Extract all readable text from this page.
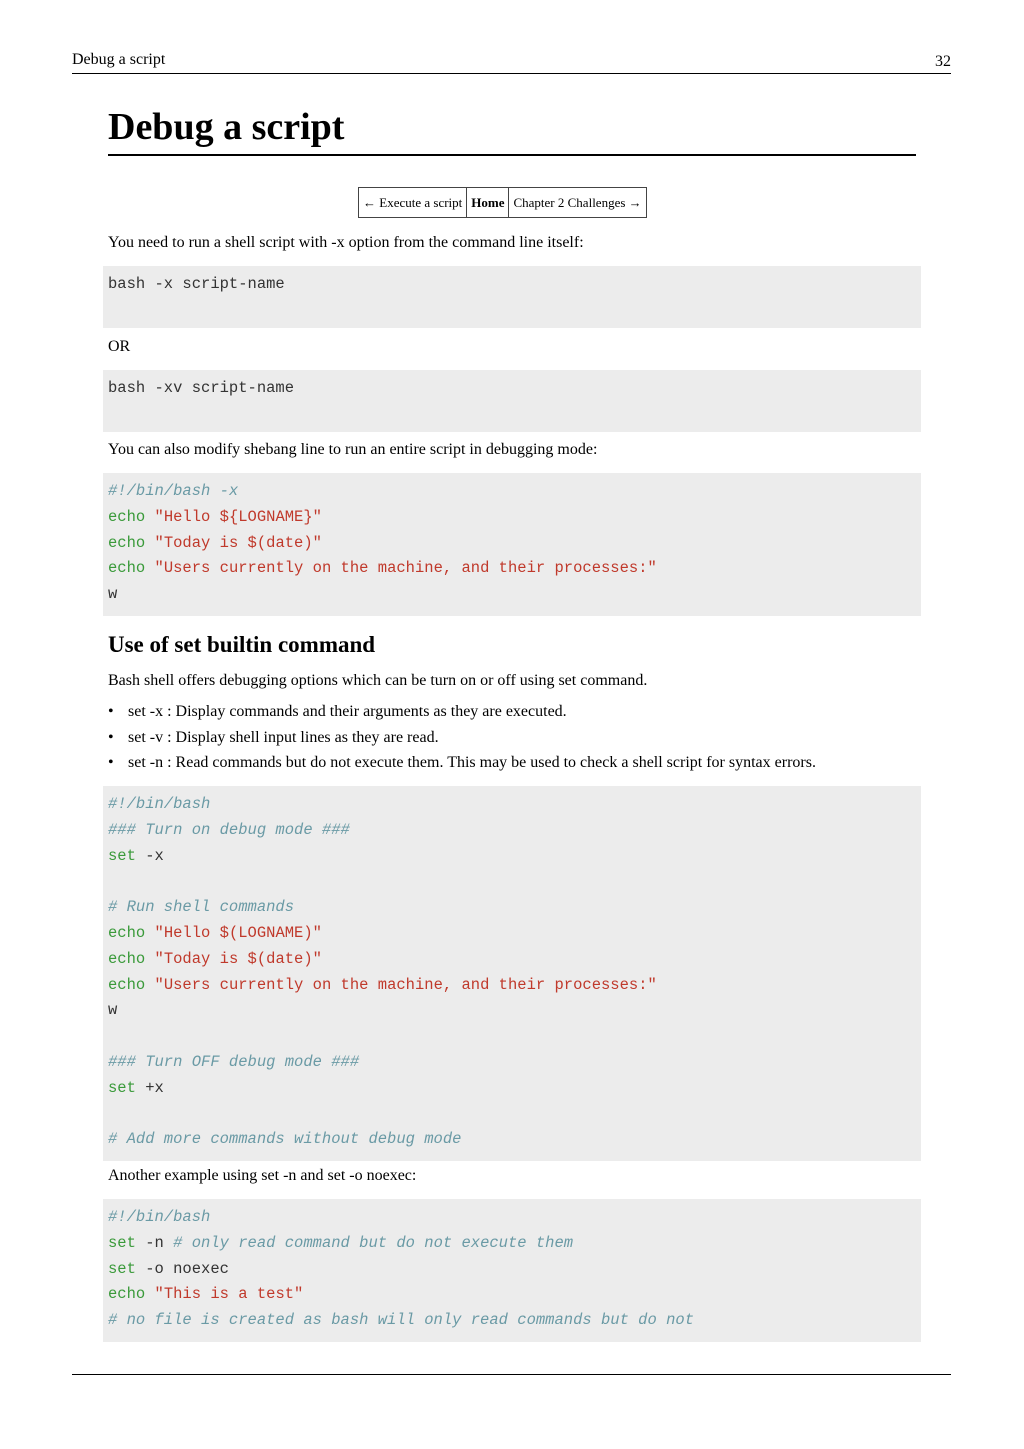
Debug a script	32
Debug a script
← Execute a script	Home	Chapter 2 Challenges →

You need to run a shell script with -x option from the command line itself:

bash -x script-name

OR

bash -xv script-name

You can also modify shebang line to run an entire script in debugging mode:

#!/bin/bash -x
echo "Hello ${LOGNAME}"
echo "Today is $(date)"
echo "Users currently on the machine, and their processes:"
w
Use of set builtin command

Bash shell offers debugging options which can be turn on or off using set command.

• set -x : Display commands and their arguments as they are executed.
• set -v : Display shell input lines as they are read.
• set -n : Read commands but do not execute them. This may be used to check a shell script for syntax errors.
#!/bin/bash
### Turn on debug mode ###
set -x

# Run shell commands
echo "Hello $(LOGNAME)"
echo "Today is $(date)"
echo "Users currently on the machine, and their processes:"
w

### Turn OFF debug mode ###
set +x

# Add more commands without debug mode

Another example using set -n and set -o noexec:

#!/bin/bash
set -n # only read command but do not execute them
set -o noexec
echo "This is a test"
# no file is created as bash will only read commands but do not
